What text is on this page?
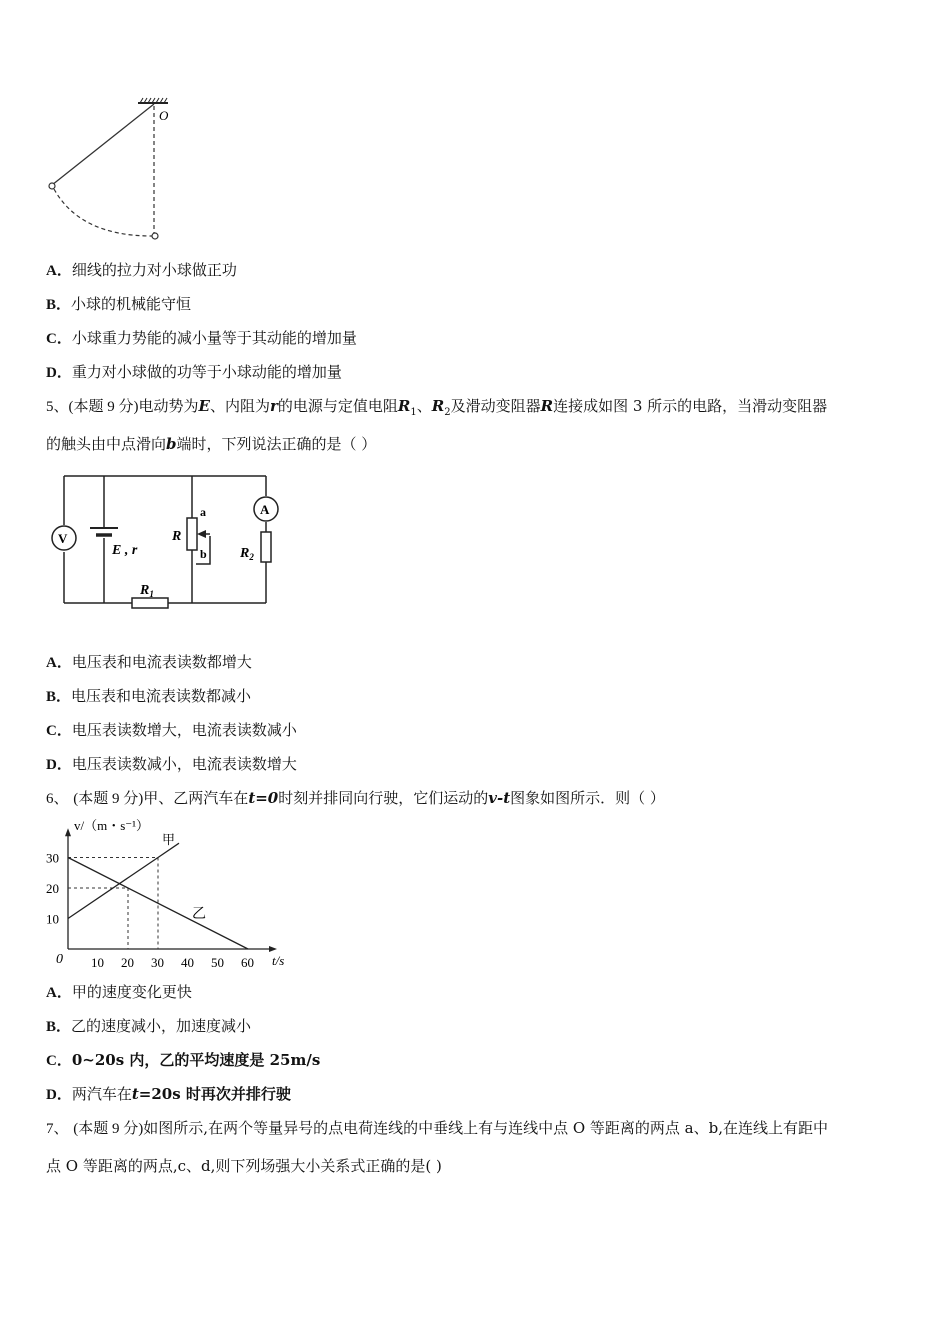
O
A．细线的拉力对小球做正功
B．小球的机械能守恒
C．小球重力势能的减小量等于其动能的增加量
D．重力对小球做的功等于小球动能的增加量
5、(本题 9 分)电动势为E、内阻为r的电源与定值电阻$R_1$、$R_2$及滑动变阻器R连接成如图 3 所示的电路，当滑动变阻器
的触头由中点滑向b端时，下列说法正确的是（ ）
V
E , r
R
a
b
A
$R_2$
$R_1$
A．电压表和电流表读数都增大
B．电压表和电流表读数都减小
C．电压表读数增大，电流表读数减小
D．电压表读数减小，电流表读数增大
6、 (本题 9 分)甲、乙两汽车在t=0时刻并排同向行驶，它们运动的v-t图象如图所示．则（ ）
v/（m・s⁻¹）
t/s
0
甲
乙
10 20 30 40 50 60
10
20
30
A．甲的速度变化更快
B．乙的速度减小，加速度减小
C．0~20s 内，乙的平均速度是 25m/s
D．两汽车在t=20s 时再次并排行驶
7、 (本题 9 分)如图所示,在两个等量异号的点电荷连线的中垂线上有与连线中点 O 等距离的两点 a、b,在连线上有距中
点 O 等距离的两点,c、d,则下列场强大小关系式正确的是( )
